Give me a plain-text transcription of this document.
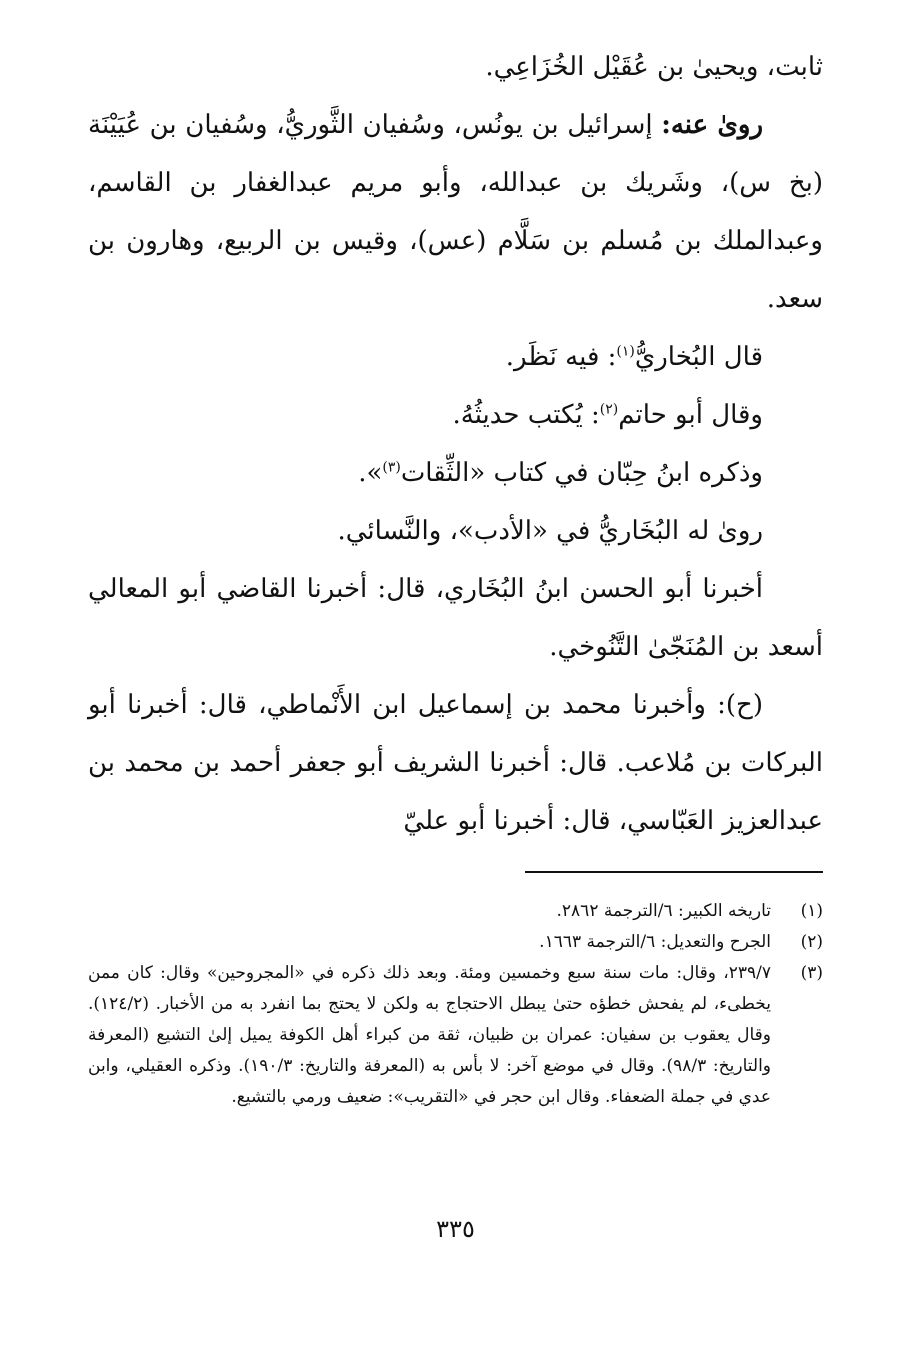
ثابت، ويحيىٰ بن عُقَيْل الخُزَاعِي.

روىٰ عنه: إسرائيل بن يونُس، وسُفيان الثَّوريُّ، وسُفيان بن عُيَيْنَة (بخ س)، وشَريك بن عبدالله، وأبو مريم عبدالغفار بن القاسم، وعبدالملك بن مُسلم بن سَلَّام (عس)، وقيس بن الربيع، وهارون بن سعد.

قال البُخاريُّ$^{(١)}$: فيه نَظَر.

وقال أبو حاتم$^{(٢)}$: يُكتب حديثُهُ.

وذكره ابنُ حِبّان في كتاب «الثِّقات$^{(٣)}$».

روىٰ له البُخَاريُّ في «الأدب»، والنَّسائي.

أخبرنا أبو الحسن ابنُ البُخَاري، قال: أخبرنا القاضي أبو المعالي أسعد بن المُنَجّىٰ التَّنُوخي.

(ح): وأخبرنا محمد بن إسماعيل ابن الأَنْماطي، قال: أخبرنا أبو البركات بن مُلاعب. قال: أخبرنا الشريف أبو جعفر أحمد بن محمد بن عبدالعزيز العَبّاسي، قال: أخبرنا أبو عليّ

(١)
تاريخه الكبير: ٦/الترجمة ٢٨٦٢.
(٢)
الجرح والتعديل: ٦/الترجمة ١٦٦٣.
(٣)
٢٣٩/٧، وقال: مات سنة سبع وخمسين ومئة. وبعد ذلك ذكره في «المجروحين» وقال: كان ممن يخطىء، لم يفحش خطؤه حتىٰ يبطل الاحتجاج به ولكن لا يحتج بما انفرد به من الأخبار. (١٢٤/٢). وقال يعقوب بن سفيان: عمران بن ظبيان، ثقة من كبراء أهل الكوفة يميل إلىٰ التشيع (المعرفة والتاريخ: ٩٨/٣). وقال في موضع آخر: لا بأس به (المعرفة والتاريخ: ١٩٠/٣). وذكره العقيلي، وابن عدي في جملة الضعفاء. وقال ابن حجر في «التقريب»: ضعيف ورمي بالتشيع.
٣٣٥
